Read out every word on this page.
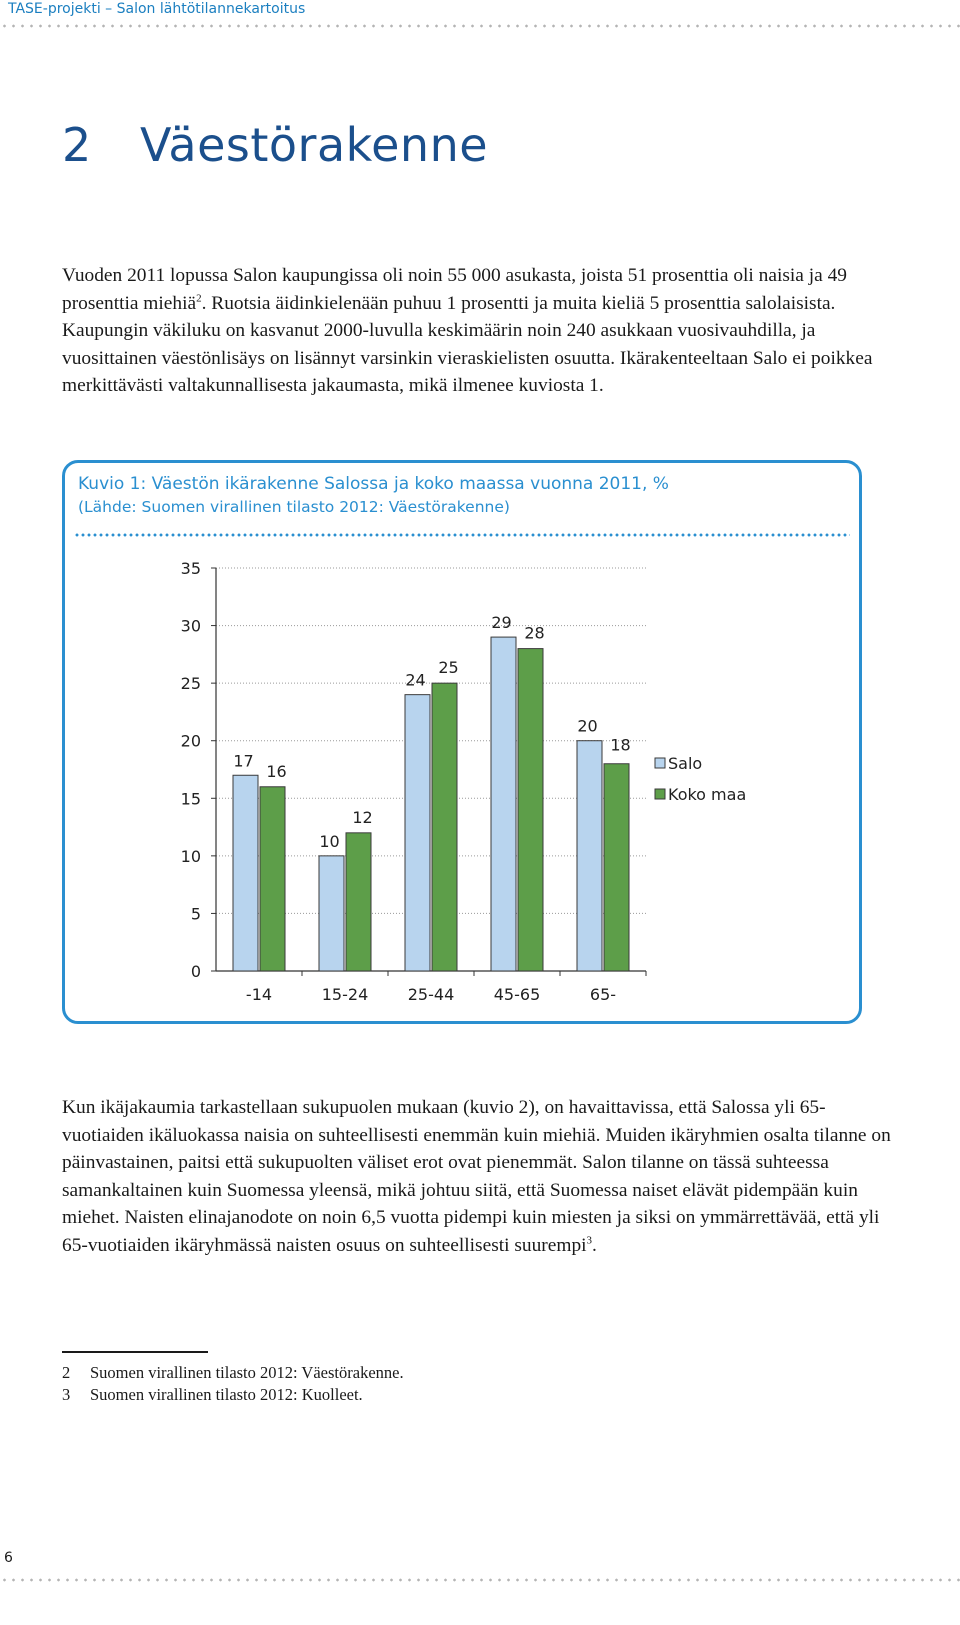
TASE-projekti – Salon lähtötilannekartoitus
2 Väestörakenne

Vuoden 2011 lopussa Salon kaupungissa oli noin 55 000 asukasta, joista 51 prosenttia oli naisia ja 49 prosenttia miehiä$^2$. Ruotsia äidinkielenään puhuu 1 prosentti ja muita kieliä 5 prosenttia salolaisista. Kaupungin väkiluku on kasvanut 2000-luvulla keskimäärin noin 240 asukkaan vuosivauhdilla, ja vuosittainen väestönlisäys on lisännyt varsinkin vieraskielisten osuutta. Ikärakenteeltaan Salo ei poikkea merkittävästi valtakunnallisesta jakaumasta, mikä ilmenee kuviosta 1.

Kuvio 1: Väestön ikärakenne Salossa ja koko maassa vuonna 2011, %

(Lähde: Suomen virallinen tilasto 2012: Väestörakenne)

0
5
10
15
20
25
30
35
-14
17
16
15-24
10
12
25-44
24
25
45-65
29
28
65-
20
18
Salo
Koko maa

Kun ikäjakaumia tarkastellaan sukupuolen mukaan (kuvio 2), on havaittavissa, että Salossa yli 65-vuotiaiden ikäluokassa naisia on suhteellisesti enemmän kuin miehiä. Muiden ikäryhmien osalta tilanne on päinvastainen, paitsi että sukupuolten väliset erot ovat pienemmät. Salon tilanne on tässä suhteessa samankaltainen kuin Suomessa yleensä, mikä johtuu siitä, että Suomessa naiset elävät pidempään kuin miehet. Naisten elinajanodote on noin 6,5 vuotta pidempi kuin miesten ja siksi on ymmärrettävää, että yli 65-vuotiaiden ikäryhmässä naisten osuus on suhteellisesti suurempi$^3$.

2 Suomen virallinen tilasto 2012: Väestörakenne.
3 Suomen virallinen tilasto 2012: Kuolleet.
6
